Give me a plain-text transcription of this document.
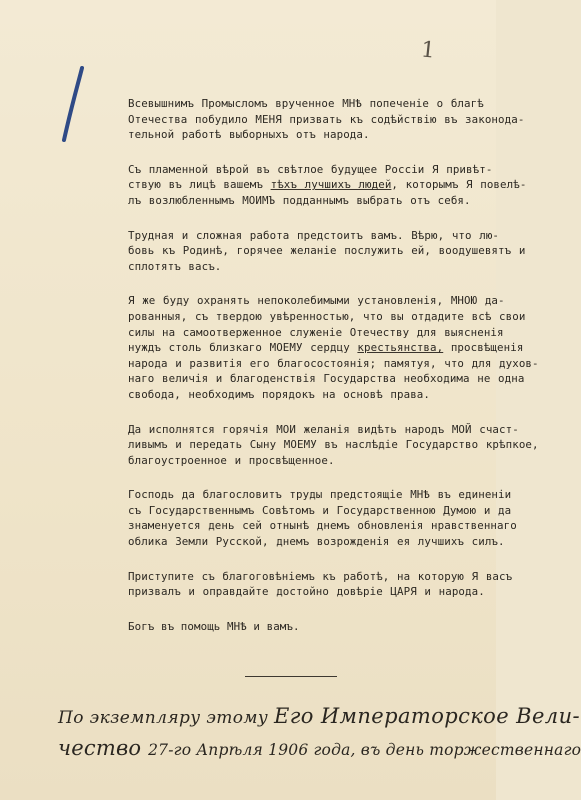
1

Всевышнимъ Промысломъ врученное МНѢ попеченіе о благѣ
Отечества побудило МЕНЯ призвать къ содѣйствію въ законода-
тельной работѣ выборныхъ отъ народа.

Съ пламенной вѣрой въ свѣтлое будущее Россіи Я привѣт-
ствую въ лицѣ вашемъ тѣхъ лучшихъ людей, которымъ Я повелѣ-
лъ возлюбленнымъ МОИМЪ подданнымъ выбрать отъ себя.

Трудная и сложная работа предстоитъ вамъ. Вѣрю, что лю-
бовь къ Родинѣ, горячее желаніе послужить ей, воодушевятъ и
сплотятъ васъ.

Я же буду охранять непоколебимыми установленія, МНОЮ да-
рованныя, съ твердою увѣренностью, что вы отдадите всѣ свои
силы на самоотверженное служеніе Отечеству для выясненія
нуждъ столь близкаго МОЕМУ сердцу крестьянства, просвѣщенія
народа и развитія его благосостоянія; памятуя, что для духов-
наго величія и благоденствія Государства необходима не одна
свобода, необходимъ порядокъ на основѣ права.

Да исполнятся горячія МОИ желанія видѣть народъ МОЙ счаст-
ливымъ и передать Сыну МОЕМУ въ наслѣдіе Государство крѣпкое,
благоустроенное и просвѣщенное.

Господь да благословитъ труды предстоящіе МНѢ въ единеніи
съ Государственнымъ Совѣтомъ и Государственною Думою и да
знаменуется день сей отнынѣ днемъ обновленія нравственнаго
облика Земли Русской, днемъ возрожденія ея лучшихъ силъ.

Приступите съ благоговѣніемъ къ работѣ, на которую Я васъ
призвалъ и оправдайте достойно довѣріе ЦАРЯ и народа.

Богъ въ помощь МНѢ и вамъ.

По экземпляру этому Его Императорское Вели-
чество 27-го Апрѣля 1906 года, въ день торжественнаго
